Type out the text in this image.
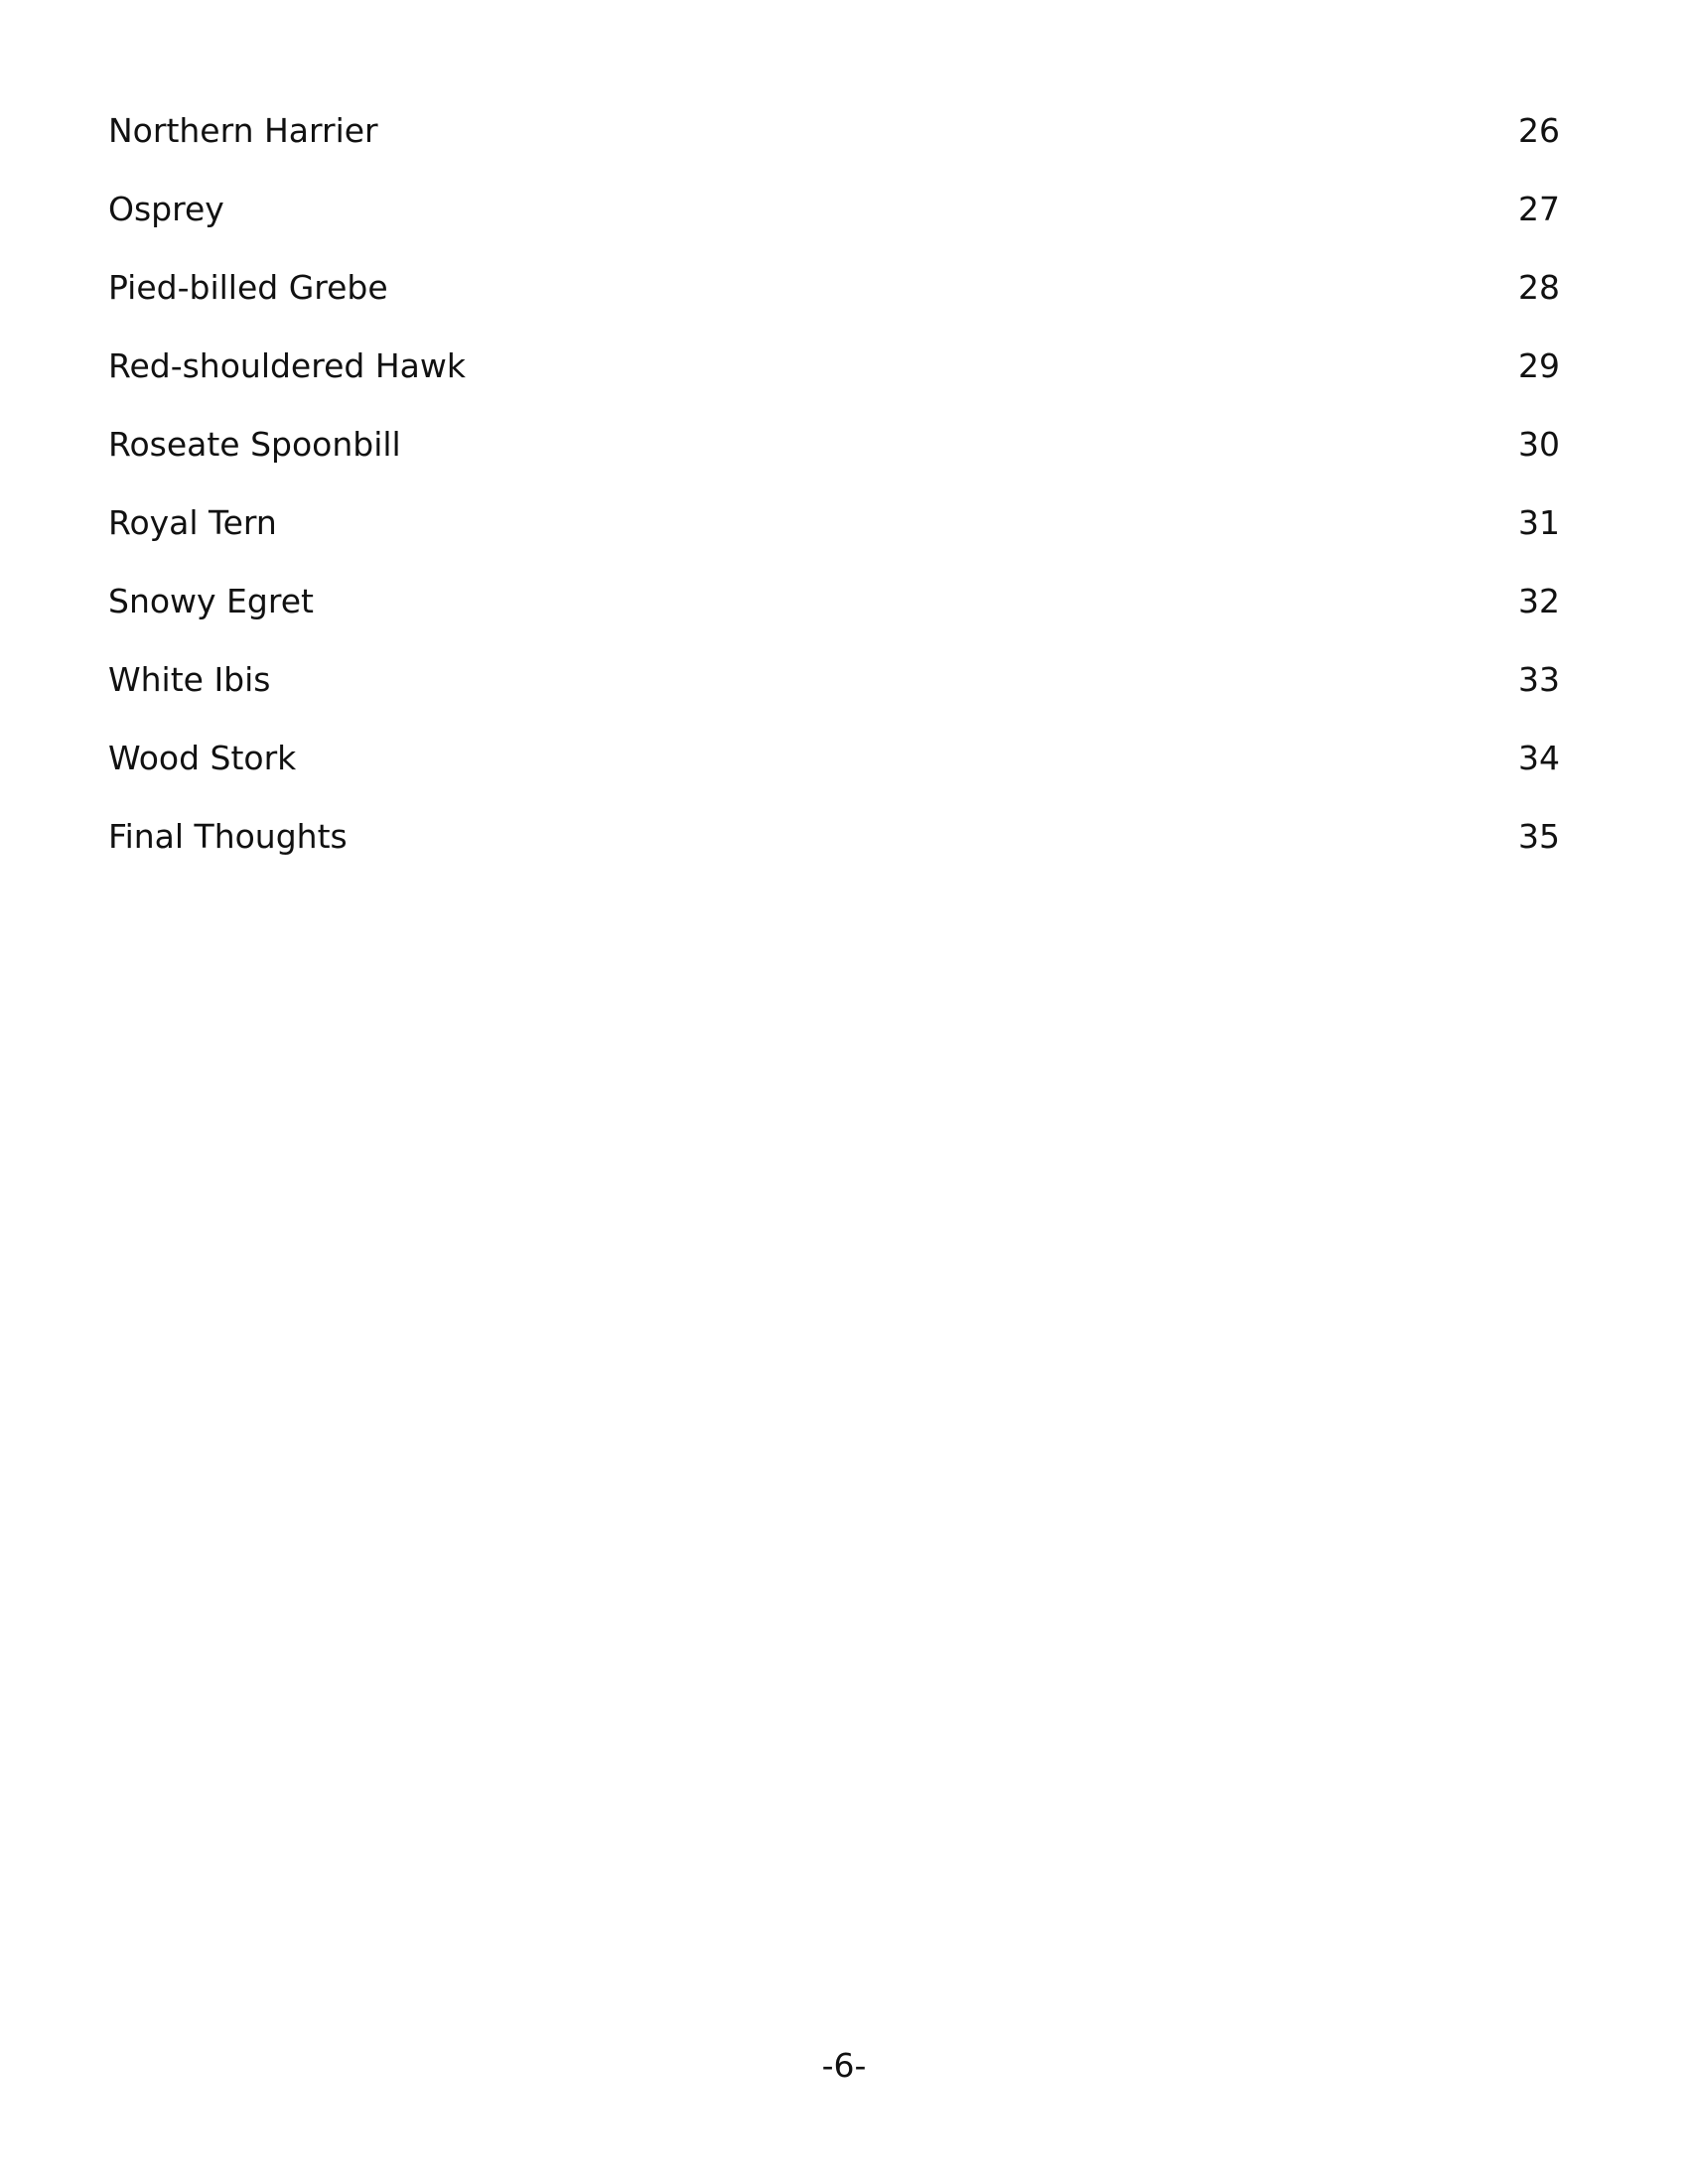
Northern Harrier	26
Osprey	27
Pied-billed Grebe	28
Red-shouldered Hawk	29
Roseate Spoonbill	30
Royal Tern	31
Snowy Egret	32
White Ibis	33
Wood Stork	34
Final Thoughts	35
-6-
